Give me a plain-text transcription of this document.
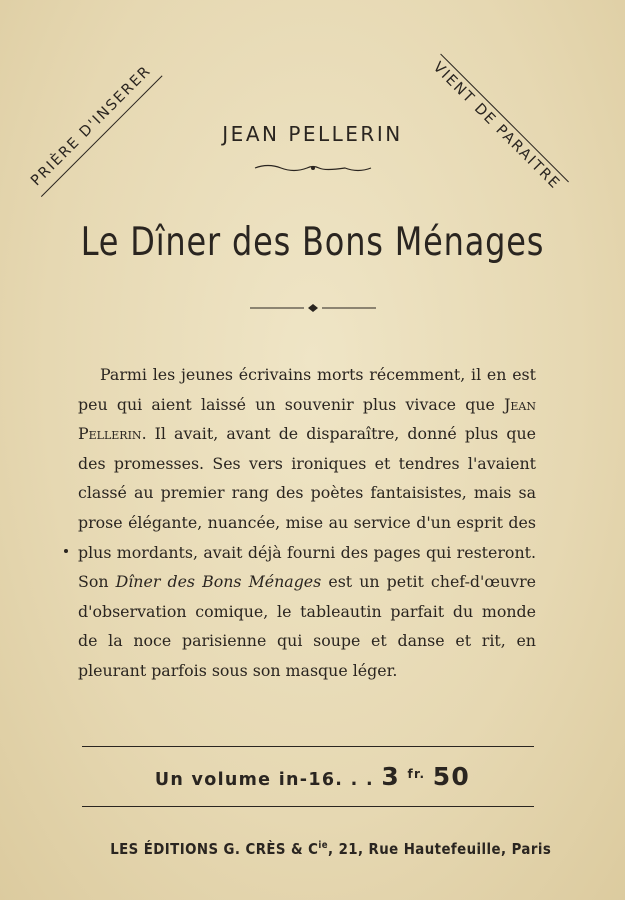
PRIÈRE D'INSERER	VIENT DE PARAITRE
JEAN PELLERIN
Le Dîner des Bons Ménages

Parmi les jeunes écrivains morts récemment, il en est peu qui aient laissé un souvenir plus vivace que Jean Pellerin. Il avait, avant de disparaître, donné plus que des promesses. Ses vers ironiques et tendres l'avaient classé au premier rang des poètes fantaisistes, mais sa prose élégante, nuancée, mise au service d'un esprit des plus mordants, avait déjà fourni des pages qui resteront. Son Dîner des Bons Ménages est un petit chef-d'œuvre d'observation comique, le tableautin parfait du monde de la noce parisienne qui soupe et danse et rit, en pleurant parfois sous son masque léger.

Un volume in-16. . . 3 $^{fr.}$ 50
LES ÉDITIONS G. CRÈS & $C^{ie}$, 21, Rue Hautefeuille, Paris
